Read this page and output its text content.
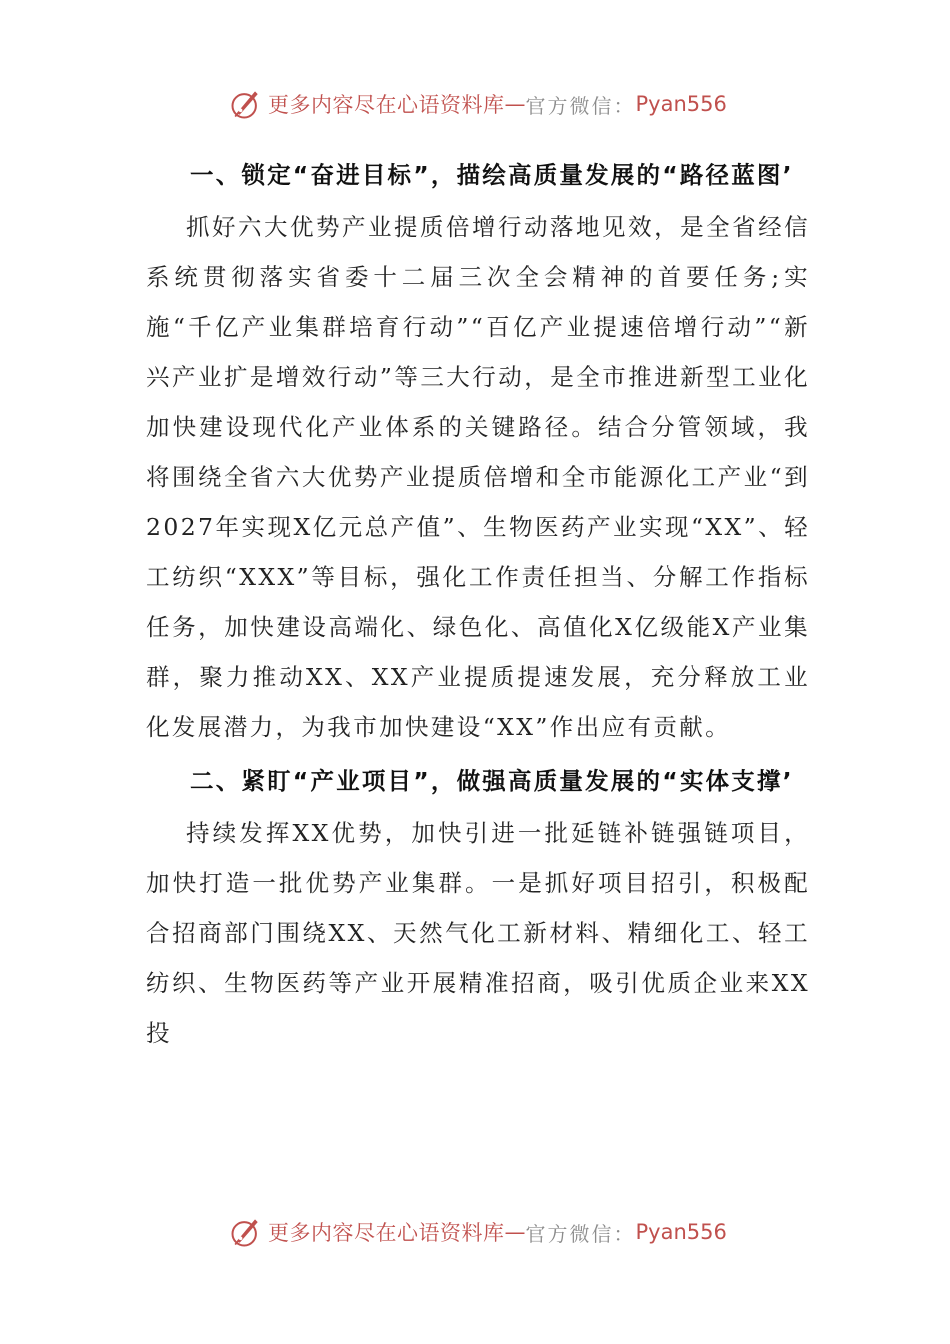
更多内容尽在心语资料库 — 官方微信： Pyan556

一、锁定“奋进目标”，描绘高质量发展的“路径蓝图’

抓好六大优势产业提质倍增行动落地见效，是全省经信系统贯彻落实省委十二届三次全会精神的首要任务;实施“千亿产业集群培育行动”“百亿产业提速倍增行动”“新兴产业扩是增效行动”等三大行动，是全市推进新型工业化加快建设现代化产业体系的关键路径。结合分管领域，我将围绕全省六大优势产业提质倍增和全市能源化工产业“到2027年实现X亿元总产值”、生物医药产业实现“XX”、轻工纺织“XXX”等目标，强化工作责任担当、分解工作指标任务，加快建设高端化、绿色化、高值化X亿级能X产业集群，聚力推动XX、XX产业提质提速发展，充分释放工业化发展潜力，为我市加快建设“XX”作出应有贡献。

二、紧盯“产业项目”，做强高质量发展的“实体支撑’

持续发挥XX优势，加快引进一批延链补链强链项目，加快打造一批优势产业集群。一是抓好项目招引，积极配合招商部门围绕XX、天然气化工新材料、精细化工、轻工纺织、生物医药等产业开展精准招商，吸引优质企业来XX投

更多内容尽在心语资料库 — 官方微信： Pyan556
